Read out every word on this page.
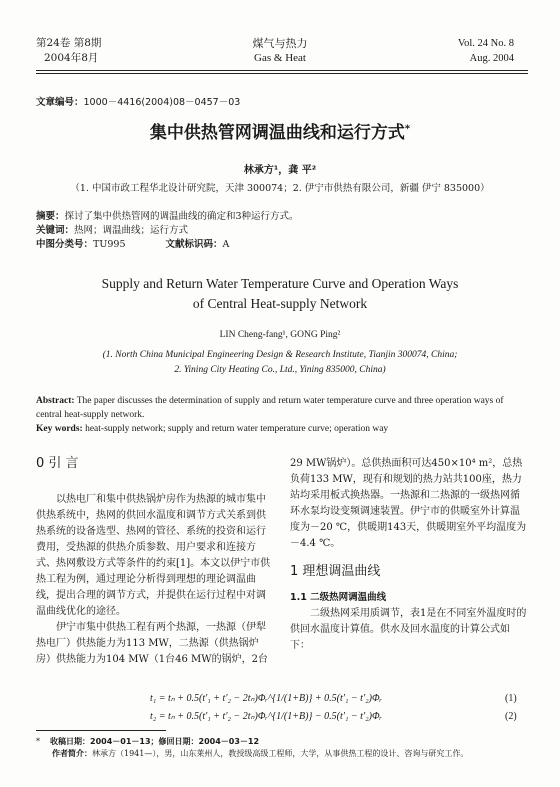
第24卷 第8期
2004年8月
煤气与热力
Gas & Heat
Vol. 24 No. 8
Aug. 2004
文章编号：1000－4416(2004)08－0457－03
集中供热管网调温曲线和运行方式*
林承方¹，龚 平²
（1. 中国市政工程华北设计研究院，天津 300074；2. 伊宁市供热有限公司，新疆 伊宁 835000）
摘要：探讨了集中供热管网的调温曲线的确定和3种运行方式。
关键词：热网；调温曲线；运行方式
中图分类号：TU995	文献标识码：A
Supply and Return Water Temperature Curve and Operation Ways
of Central Heat-supply Network
LIN Cheng-fang¹, GONG Ping²
(1. North China Municipal Engineering Design & Research Institute, Tianjin 300074, China;
2. Yining City Heating Co., Ltd., Yining 835000, China)
Abstract: The paper discusses the determination of supply and return water temperature curve and three operation ways of central heat-supply network.
Key words: heat-supply network; supply and return water temperature curve; operation way
0 引 言

以热电厂和集中供热锅炉房作为热源的城市集中供热系统中，热网的供回水温度和调节方式关系到供热系统的设备选型、热网的管径、系统的投资和运行费用，受热源的供热介质参数、用户要求和连接方式、热网敷设方式等条件的约束[1]。本文以伊宁市供热工程为例，通过理论分析得到理想的理论调温曲线，提出合理的调节方式，并提供在运行过程中对调温曲线优化的途径。

伊宁市集中供热工程有两个热源，一热源（伊犁热电厂）供热能力为113 MW，二热源（供热锅炉房）供热能力为104 MW（1台46 MW的锅炉，2台

29 MW锅炉）。总供热面积可达450×10⁴ m²，总热负荷133 MW，现有和规划的热力站共100座，热力站均采用板式换热器。一热源和二热源的一级热网循环水泵均设变频调速装置。伊宁市的供暖室外计算温度为－20 ℃，供暖期143天，供暖期室外平均温度为－4.4 ℃。

1 理想调温曲线
1.1 二级热网调温曲线

二级热网采用质调节，表1是在不同室外温度时的供回水温度计算值。供水及回水温度的计算公式如下：

t₁ = tₙ + 0.5(t′₁ + t′₂ − 2tₙ)Φᵣ^{1/(1+B)} + 0.5(t′₁ − t′₂)Φᵣ	(1)
t₂ = tₙ + 0.5(t′₁ + t′₂ − 2tₙ)Φᵣ^{1/(1+B)} − 0.5(t′₁ − t′₂)Φᵣ	(2)
* 收稿日期：2004－01－13；修回日期：2004－03－12
作者简介：林承方（1941—），男，山东莱州人，教授级高级工程师，大学，从事供热工程的设计、咨询与研究工作。
